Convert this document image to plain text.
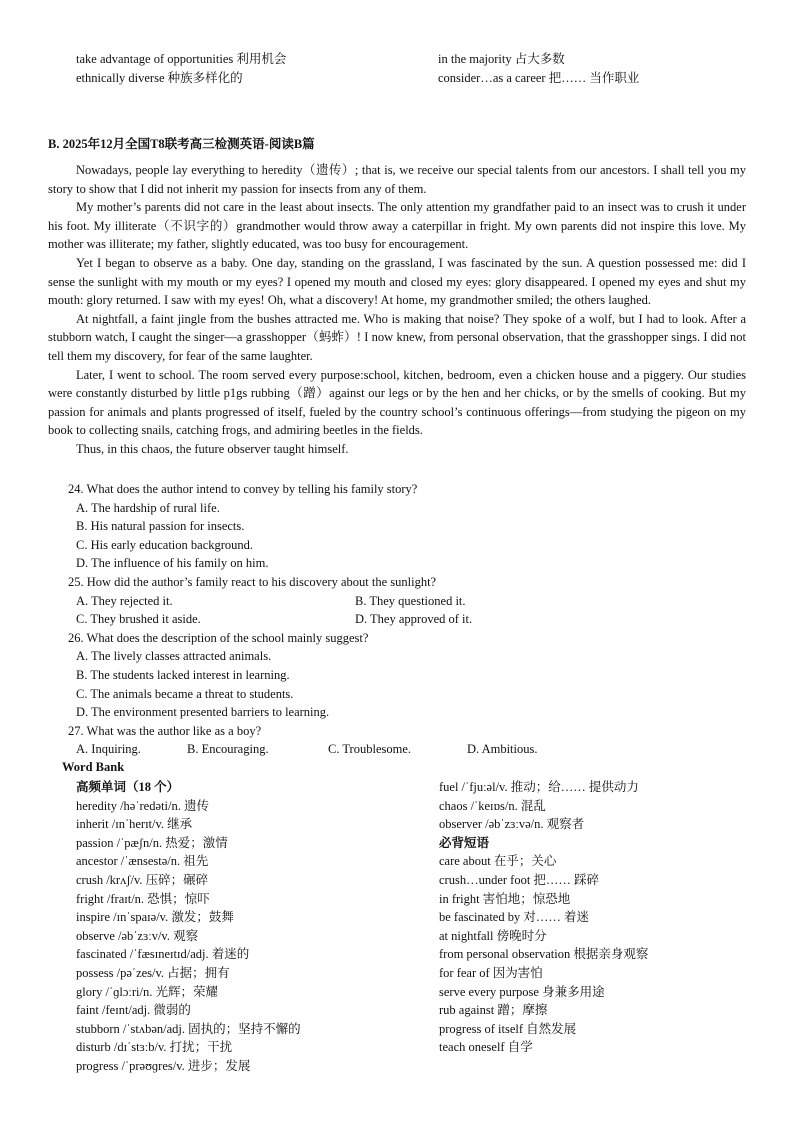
take advantage of opportunities 利用机会	in the majority 占大多数
ethnically diverse 种族多样化的	consider…as a career 把…… 当作职业
B. 2025年12月全国T8联考高三检测英语-阅读B篇

Nowadays, people lay everything to heredity（遗传）; that is, we receive our special talents from our ancestors. I shall tell you my story to show that I did not inherit my passion for insects from any of them.

My mother’s parents did not care in the least about insects. The only attention my grandfather paid to an insect was to crush it under his foot. My illiterate（不识字的）grandmother would throw away a caterpillar in fright. My own parents did not inspire this love. My mother was illiterate; my father, slightly educated, was too busy for encouragement.

Yet I began to observe as a baby. One day, standing on the grassland, I was fascinated by the sun. A question possessed me: did I sense the sunlight with my mouth or my eyes? I opened my mouth and closed my eyes: glory disappeared. I opened my eyes and shut my mouth: glory returned. I saw with my eyes! Oh, what a discovery! At home, my grandmother smiled; the others laughed.

At nightfall, a faint jingle from the bushes attracted me. Who is making that noise? They spoke of a wolf, but I had to look. After a stubborn watch, I caught the singer—a grasshopper（蚂蚱）! I now knew, from personal observation, that the grasshopper sings. I did not tell them my discovery, for fear of the same laughter.

Later, I went to school. The room served every purpose:school, kitchen, bedroom, even a chicken house and a piggery. Our studies were constantly disturbed by little p1gs rubbing（蹭）against our legs or by the hen and her chicks, or by the smells of cooking. But my passion for animals and plants progressed of itself, fueled by the country school’s continuous offerings—from studying the pigeon on my book to collecting snails, catching frogs, and admiring beetles in the fields.

Thus, in this chaos, the future observer taught himself.

24. What does the author intend to convey by telling his family story?

A. The hardship of rural life.

B. His natural passion for insects.

C. His early education background.

D. The influence of his family on him.

25. How did the author’s family react to his discovery about the sunlight?

A. They rejected it.	B. They questioned it.
C. They brushed it aside.	D. They approved of it.

26. What does the description of the school mainly suggest?

A. The lively classes attracted animals.

B. The students lacked interest in learning.

C. The animals became a threat to students.

D. The environment presented barriers to learning.

27. What was the author like as a boy?

A. Inquiring.	B. Encouraging.	C. Troublesome.	D. Ambitious.
Word Bank
高频单词（18 个）
heredity /həˈredəti/n. 遗传
inherit /ɪnˈherɪt/v. 继承
passion /ˈpæʃn/n. 热爱；激情
ancestor /ˈænsestə/n. 祖先
crush /krʌʃ/v. 压碎；碾碎
fright /fraɪt/n. 恐惧；惊吓
inspire /ɪnˈspaɪə/v. 激发；鼓舞
observe /əbˈzɜːv/v. 观察
fascinated /ˈfæsɪneɪtɪd/adj. 着迷的
possess /pəˈzes/v. 占据；拥有
glory /ˈɡlɔːri/n. 光辉；荣耀
faint /feɪnt/adj. 微弱的
stubborn /ˈstʌbən/adj. 固执的；坚持不懈的
disturb /dɪˈstɜːb/v. 打扰；干扰
progress /ˈprəʊɡres/v. 进步；发展
fuel /ˈfjuːəl/v. 推动；给…… 提供动力
chaos /ˈkeɪɒs/n. 混乱
observer /əbˈzɜːvə/n. 观察者
必背短语
care about 在乎；关心
crush…under foot 把…… 踩碎
in fright 害怕地；惊恐地
be fascinated by 对…… 着迷
at nightfall 傍晚时分
from personal observation 根据亲身观察
for fear of 因为害怕
serve every purpose 身兼多用途
rub against 蹭；摩擦
progress of itself 自然发展
teach oneself 自学
